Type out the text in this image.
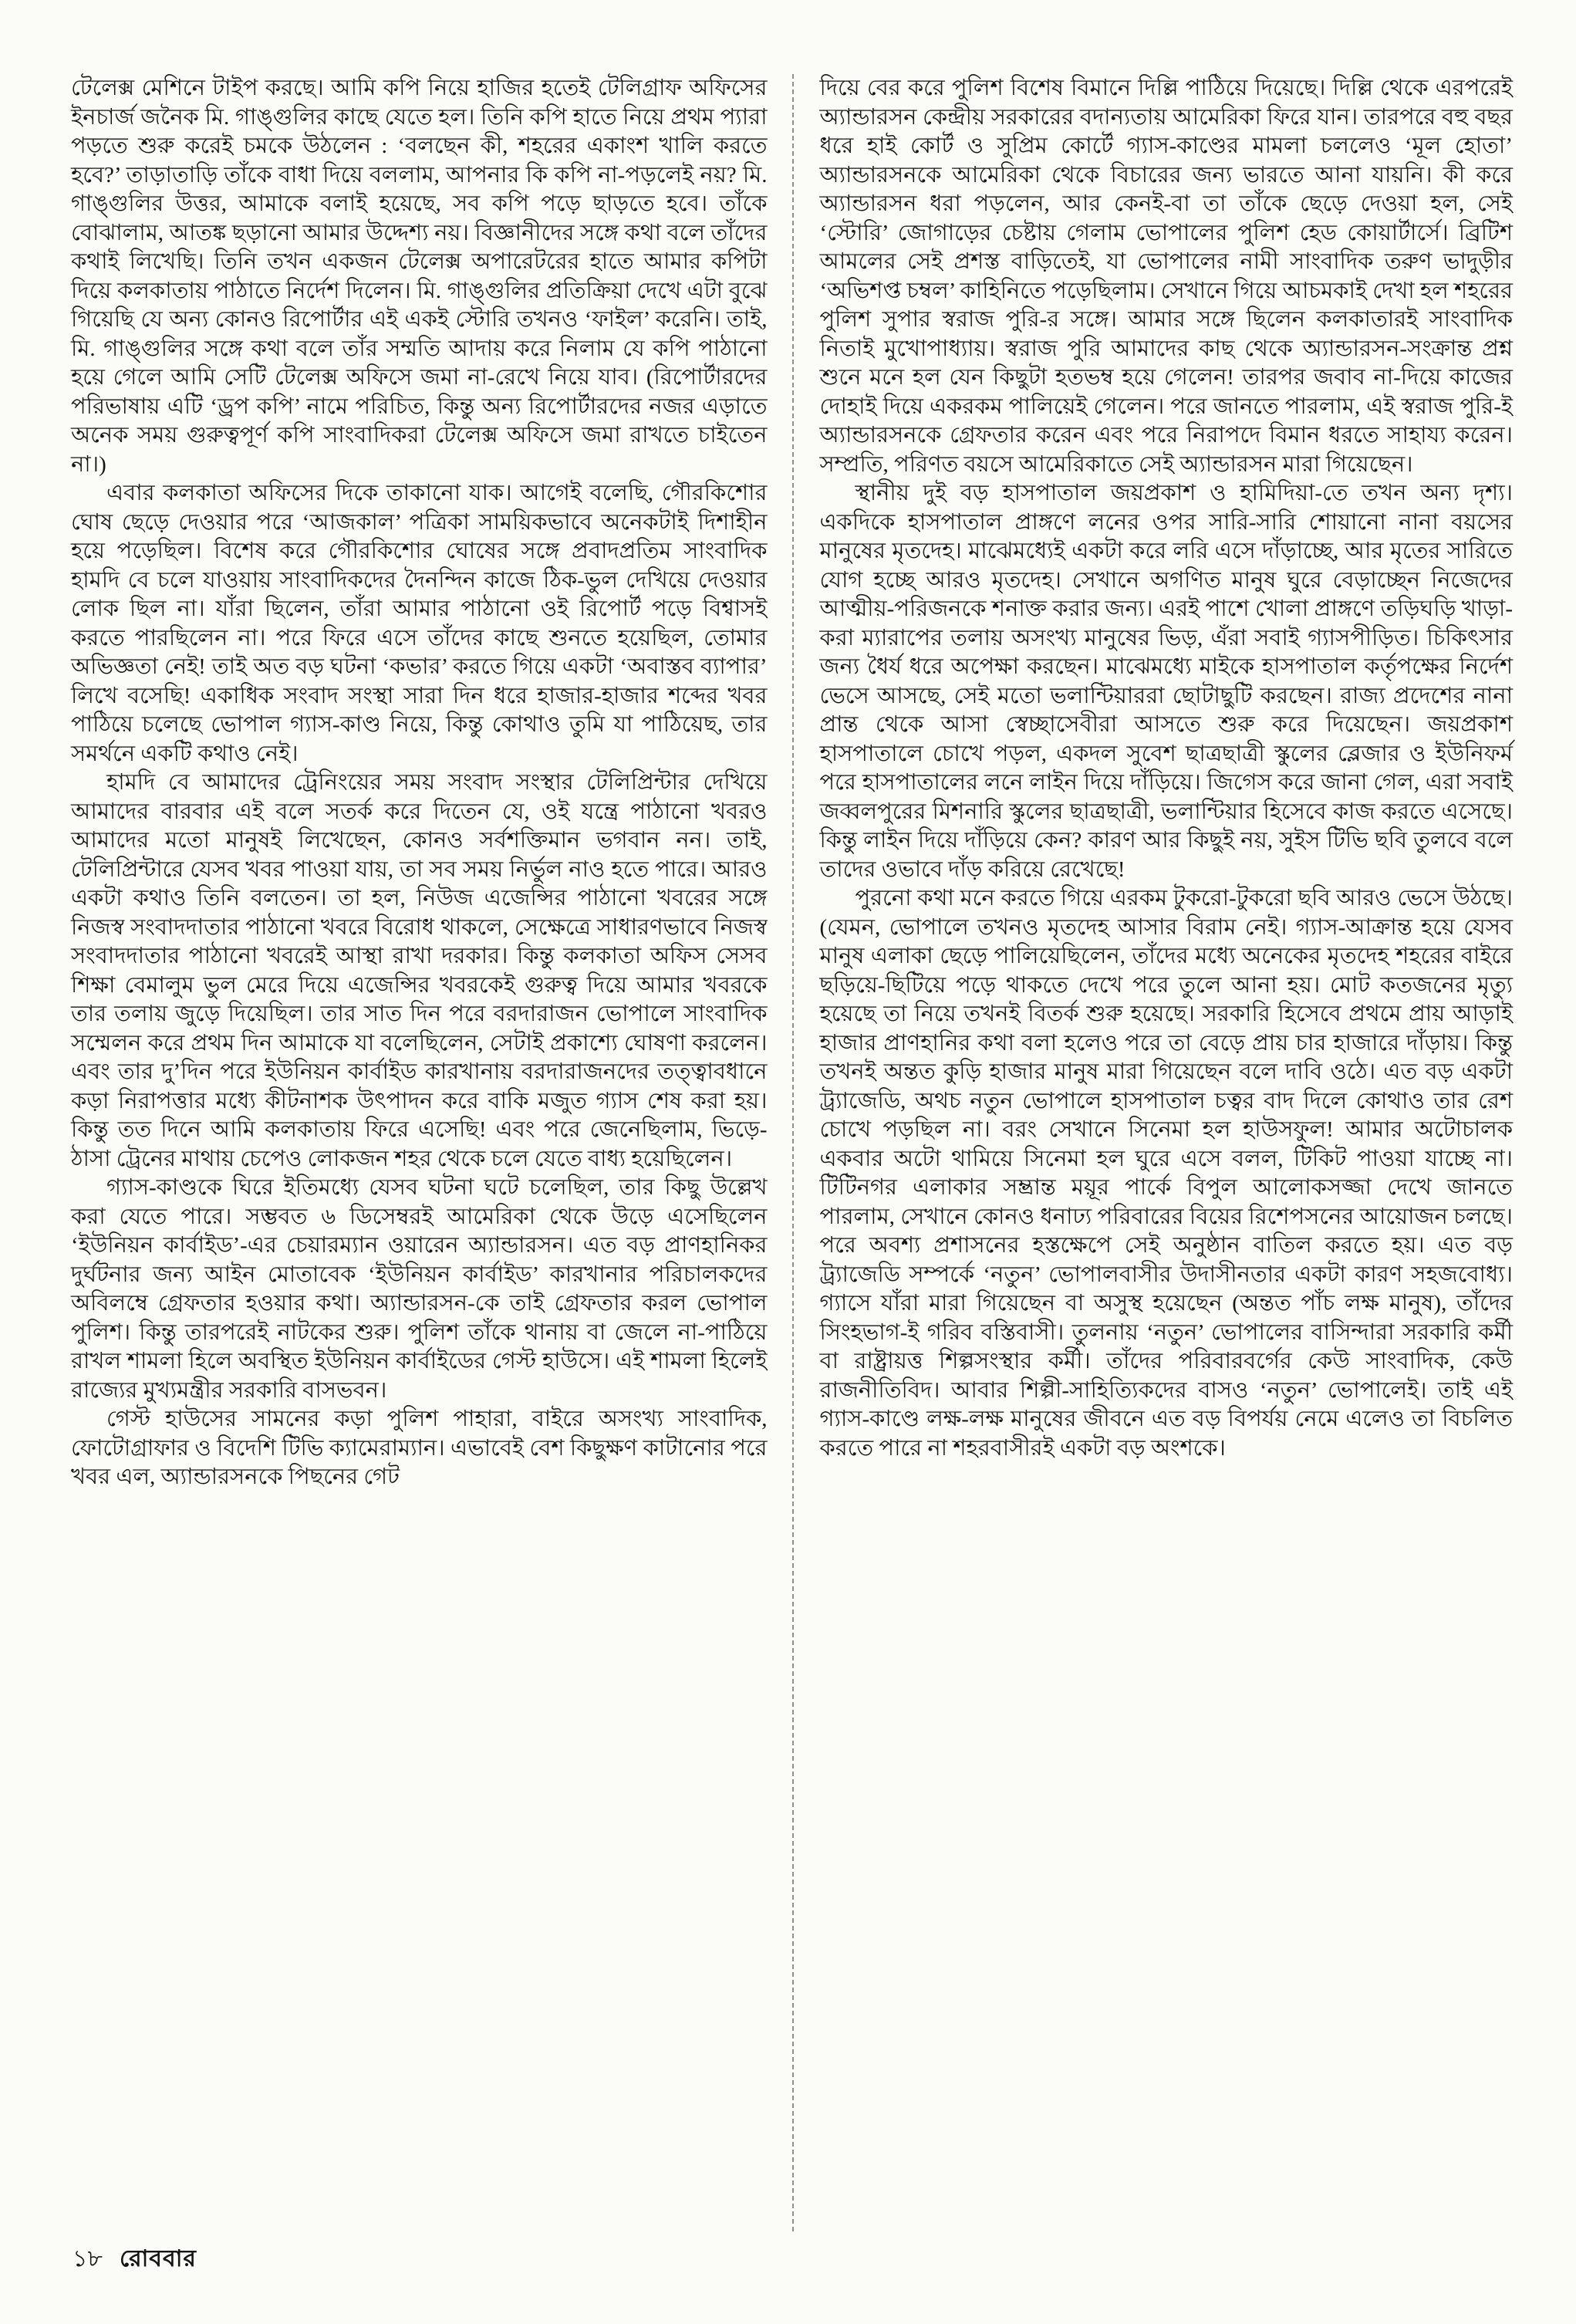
টেলেক্স মেশিনে টাইপ করছে। আমি কপি নিয়ে হাজির হতেই টেলিগ্রাফ অফিসের ইনচার্জ জনৈক মি. গাঙ্গুলির কাছে যেতে হল। তিনি কপি হাতে নিয়ে প্রথম প্যারা পড়তে শুরু করেই চমকে উঠলেন : ‘বলছেন কী, শহরের একাংশ খালি করতে হবে?’ তাড়াতাড়ি তাঁকে বাধা দিয়ে বললাম, আপনার কি কপি না-পড়লেই নয়? মি. গাঙ্গুলির উত্তর, আমাকে বলাই হয়েছে, সব কপি পড়ে ছাড়তে হবে। তাঁকে বোঝালাম, আতঙ্ক ছড়ানো আমার উদ্দেশ্য নয়। বিজ্ঞানীদের সঙ্গে কথা বলে তাঁদের কথাই লিখেছি। তিনি তখন একজন টেলেক্স অপারেটরের হাতে আমার কপিটা দিয়ে কলকাতায় পাঠাতে নির্দেশ দিলেন। মি. গাঙ্গুলির প্রতিক্রিয়া দেখে এটা বুঝে গিয়েছি যে অন্য কোনও রিপোর্টার এই একই স্টোরি তখনও ‘ফাইল’ করেনি। তাই, মি. গাঙ্গুলির সঙ্গে কথা বলে তাঁর সম্মতি আদায় করে নিলাম যে কপি পাঠানো হয়ে গেলে আমি সেটি টেলেক্স অফিসে জমা না-রেখে নিয়ে যাব। (রিপোর্টারদের পরিভাষায় এটি ‘ড্রপ কপি’ নামে পরিচিত, কিন্তু অন্য রিপোর্টারদের নজর এড়াতে অনেক সময় গুরুত্বপূর্ণ কপি সাংবাদিকরা টেলেক্স অফিসে জমা রাখতে চাইতেন না।)

এবার কলকাতা অফিসের দিকে তাকানো যাক। আগেই বলেছি, গৌরকিশোর ঘোষ ছেড়ে দেওয়ার পরে ‘আজকাল’ পত্রিকা সাময়িকভাবে অনেকটাই দিশাহীন হয়ে পড়েছিল। বিশেষ করে গৌরকিশোর ঘোষের সঙ্গে প্রবাদপ্রতিম সাংবাদিক হামদি বে চলে যাওয়ায় সাংবাদিকদের দৈনন্দিন কাজে ঠিক-ভুল দেখিয়ে দেওয়ার লোক ছিল না। যাঁরা ছিলেন, তাঁরা আমার পাঠানো ওই রিপোর্ট পড়ে বিশ্বাসই করতে পারছিলেন না। পরে ফিরে এসে তাঁদের কাছে শুনতে হয়েছিল, তোমার অভিজ্ঞতা নেই! তাই অত বড় ঘটনা ‘কভার’ করতে গিয়ে একটা ‘অবাস্তব ব্যাপার’ লিখে বসেছি! একাধিক সংবাদ সংস্থা সারা দিন ধরে হাজার-হাজার শব্দের খবর পাঠিয়ে চলেছে ভোপাল গ্যাস-কাণ্ড নিয়ে, কিন্তু কোথাও তুমি যা পাঠিয়েছ, তার সমর্থনে একটি কথাও নেই।

হামদি বে আমাদের ট্রেনিংয়ের সময় সংবাদ সংস্থার টেলিপ্রিন্টার দেখিয়ে আমাদের বারবার এই বলে সতর্ক করে দিতেন যে, ওই যন্ত্রে পাঠানো খবরও আমাদের মতো মানুষই লিখেছেন, কোনও সর্বশক্তিমান ভগবান নন। তাই, টেলিপ্রিন্টারে যেসব খবর পাওয়া যায়, তা সব সময় নির্ভুল নাও হতে পারে। আরও একটা কথাও তিনি বলতেন। তা হল, নিউজ এজেন্সির পাঠানো খবরের সঙ্গে নিজস্ব সংবাদদাতার পাঠানো খবরে বিরোধ থাকলে, সেক্ষেত্রে সাধারণভাবে নিজস্ব সংবাদদাতার পাঠানো খবরেই আস্থা রাখা দরকার। কিন্তু কলকাতা অফিস সেসব শিক্ষা বেমালুম ভুল মেরে দিয়ে এজেন্সির খবরকেই গুরুত্ব দিয়ে আমার খবরকে তার তলায় জুড়ে দিয়েছিল। তার সাত দিন পরে বরদারাজন ভোপালে সাংবাদিক সম্মেলন করে প্রথম দিন আমাকে যা বলেছিলেন, সেটাই প্রকাশ্যে ঘোষণা করলেন। এবং তার দু’দিন পরে ইউনিয়ন কার্বাইড কারখানায় বরদারাজনদের তত্ত্বাবধানে কড়া নিরাপত্তার মধ্যে কীটনাশক উৎপাদন করে বাকি মজুত গ্যাস শেষ করা হয়। কিন্তু তত দিনে আমি কলকাতায় ফিরে এসেছি! এবং পরে জেনেছিলাম, ভিড়ে-ঠাসা ট্রেনের মাথায় চেপেও লোকজন শহর থেকে চলে যেতে বাধ্য হয়েছিলেন।

গ্যাস-কাণ্ডকে ঘিরে ইতিমধ্যে যেসব ঘটনা ঘটে চলেছিল, তার কিছু উল্লেখ করা যেতে পারে। সম্ভবত ৬ ডিসেম্বরই আমেরিকা থেকে উড়ে এসেছিলেন ‘ইউনিয়ন কার্বাইড’-এর চেয়ারম্যান ওয়ারেন অ্যান্ডারসন। এত বড় প্রাণহানিকর দুর্ঘটনার জন্য আইন মোতাবেক ‘ইউনিয়ন কার্বাইড’ কারখানার পরিচালকদের অবিলম্বে গ্রেফতার হওয়ার কথা। অ্যান্ডারসন-কে তাই গ্রেফতার করল ভোপাল পুলিশ। কিন্তু তারপরেই নাটকের শুরু। পুলিশ তাঁকে থানায় বা জেলে না-পাঠিয়ে রাখল শামলা হিলে অবস্থিত ইউনিয়ন কার্বাইডের গেস্ট হাউসে। এই শামলা হিলেই রাজ্যের মুখ্যমন্ত্রীর সরকারি বাসভবন।

গেস্ট হাউসের সামনের কড়া পুলিশ পাহারা, বাইরে অসংখ্য সাংবাদিক, ফোটোগ্রাফার ও বিদেশি টিভি ক্যামেরাম্যান। এভাবেই বেশ কিছুক্ষণ কাটানোর পরে খবর এল, অ্যান্ডারসনকে পিছনের গেট

দিয়ে বের করে পুলিশ বিশেষ বিমানে দিল্লি পাঠিয়ে দিয়েছে। দিল্লি থেকে এরপরেই অ্যান্ডারসন কেন্দ্রীয় সরকারের বদান্যতায় আমেরিকা ফিরে যান। তারপরে বহু বছর ধরে হাই কোর্ট ও সুপ্রিম কোর্টে গ্যাস-কাণ্ডের মামলা চললেও ‘মূল হোতা’ অ্যান্ডারসনকে আমেরিকা থেকে বিচারের জন্য ভারতে আনা যায়নি। কী করে অ্যান্ডারসন ধরা পড়লেন, আর কেনই-বা তা তাঁকে ছেড়ে দেওয়া হল, সেই ‘স্টোরি’ জোগাড়ের চেষ্টায় গেলাম ভোপালের পুলিশ হেড কোয়ার্টার্সে। ব্রিটিশ আমলের সেই প্রশস্ত বাড়িতেই, যা ভোপালের নামী সাংবাদিক তরুণ ভাদুড়ীর ‘অভিশপ্ত চম্বল’ কাহিনিতে পড়েছিলাম। সেখানে গিয়ে আচমকাই দেখা হল শহরের পুলিশ সুপার স্বরাজ পুরি-র সঙ্গে। আমার সঙ্গে ছিলেন কলকাতারই সাংবাদিক নিতাই মুখোপাধ্যায়। স্বরাজ পুরি আমাদের কাছ থেকে অ্যান্ডারসন-সংক্রান্ত প্রশ্ন শুনে মনে হল যেন কিছুটা হতভম্ব হয়ে গেলেন! তারপর জবাব না-দিয়ে কাজের দোহাই দিয়ে একরকম পালিয়েই গেলেন। পরে জানতে পারলাম, এই স্বরাজ পুরি-ই অ্যান্ডারসনকে গ্রেফতার করেন এবং পরে নিরাপদে বিমান ধরতে সাহায্য করেন। সম্প্রতি, পরিণত বয়সে আমেরিকাতে সেই অ্যান্ডারসন মারা গিয়েছেন।

স্থানীয় দুই বড় হাসপাতাল জয়প্রকাশ ও হামিদিয়া-তে তখন অন্য দৃশ্য। একদিকে হাসপাতাল প্রাঙ্গণে লনের ওপর সারি-সারি শোয়ানো নানা বয়সের মানুষের মৃতদেহ। মাঝেমধ্যেই একটা করে লরি এসে দাঁড়াচ্ছে, আর মৃতের সারিতে যোগ হচ্ছে আরও মৃতদেহ। সেখানে অগণিত মানুষ ঘুরে বেড়াচ্ছেন নিজেদের আত্মীয়-পরিজনকে শনাক্ত করার জন্য। এরই পাশে খোলা প্রাঙ্গণে তড়িঘড়ি খাড়া-করা ম্যারাপের তলায় অসংখ্য মানুষের ভিড়, এঁরা সবাই গ্যাসপীড়িত। চিকিৎসার জন্য ধৈর্য ধরে অপেক্ষা করছেন। মাঝেমধ্যে মাইকে হাসপাতাল কর্তৃপক্ষের নির্দেশ ভেসে আসছে, সেই মতো ভলান্টিয়াররা ছোটাছুটি করছেন। রাজ্য প্রদেশের নানা প্রান্ত থেকে আসা স্বেচ্ছাসেবীরা আসতে শুরু করে দিয়েছেন। জয়প্রকাশ হাসপাতালে চোখে পড়ল, একদল সুবেশ ছাত্রছাত্রী স্কুলের ব্লেজার ও ইউনিফর্ম পরে হাসপাতালের লনে লাইন দিয়ে দাঁড়িয়ে। জিগেস করে জানা গেল, এরা সবাই জব্বলপুরের মিশনারি স্কুলের ছাত্রছাত্রী, ভলান্টিয়ার হিসেবে কাজ করতে এসেছে। কিন্তু লাইন দিয়ে দাঁড়িয়ে কেন? কারণ আর কিছুই নয়, সুইস টিভি ছবি তুলবে বলে তাদের ওভাবে দাঁড় করিয়ে রেখেছে!

পুরনো কথা মনে করতে গিয়ে এরকম টুকরো-টুকরো ছবি আরও ভেসে উঠছে। (যেমন, ভোপালে তখনও মৃতদেহ আসার বিরাম নেই। গ্যাস-আক্রান্ত হয়ে যেসব মানুষ এলাকা ছেড়ে পালিয়েছিলেন, তাঁদের মধ্যে অনেকের মৃতদেহ শহরের বাইরে ছড়িয়ে-ছিটিয়ে পড়ে থাকতে দেখে পরে তুলে আনা হয়। মোট কতজনের মৃত্যু হয়েছে তা নিয়ে তখনই বিতর্ক শুরু হয়েছে। সরকারি হিসেবে প্রথমে প্রায় আড়াই হাজার প্রাণহানির কথা বলা হলেও পরে তা বেড়ে প্রায় চার হাজারে দাঁড়ায়। কিন্তু তখনই অন্তত কুড়ি হাজার মানুষ মারা গিয়েছেন বলে দাবি ওঠে। এত বড় একটা ট্র্যাজেডি, অথচ নতুন ভোপালে হাসপাতাল চত্বর বাদ দিলে কোথাও তার রেশ চোখে পড়ছিল না। বরং সেখানে সিনেমা হল হাউসফুল! আমার অটোচালক একবার অটো থামিয়ে সিনেমা হল ঘুরে এসে বলল, টিকিট পাওয়া যাচ্ছে না। টিটিনগর এলাকার সম্ভ্রান্ত ময়ূর পার্কে বিপুল আলোকসজ্জা দেখে জানতে পারলাম, সেখানে কোনও ধনাঢ্য পরিবারের বিয়ের রিশেপসনের আয়োজন চলছে। পরে অবশ্য প্রশাসনের হস্তক্ষেপে সেই অনুষ্ঠান বাতিল করতে হয়। এত বড় ট্র্যাজেডি সম্পর্কে ‘নতুন’ ভোপালবাসীর উদাসীনতার একটা কারণ সহজবোধ্য। গ্যাসে যাঁরা মারা গিয়েছেন বা অসুস্থ হয়েছেন (অন্তত পাঁচ লক্ষ মানুষ), তাঁদের সিংহভাগ-ই গরিব বস্তিবাসী। তুলনায় ‘নতুন’ ভোপালের বাসিন্দারা সরকারি কর্মী বা রাষ্ট্রায়ত্ত শিল্পসংস্থার কর্মী। তাঁদের পরিবারবর্গের কেউ সাংবাদিক, কেউ রাজনীতিবিদ। আবার শিল্পী-সাহিত্যিকদের বাসও ‘নতুন’ ভোপালেই। তাই এই গ্যাস-কাণ্ডে লক্ষ-লক্ষ মানুষের জীবনে এত বড় বিপর্যয় নেমে এলেও তা বিচলিত করতে পারে না শহরবাসীরই একটা বড় অংশকে।

১৮ রোববার
